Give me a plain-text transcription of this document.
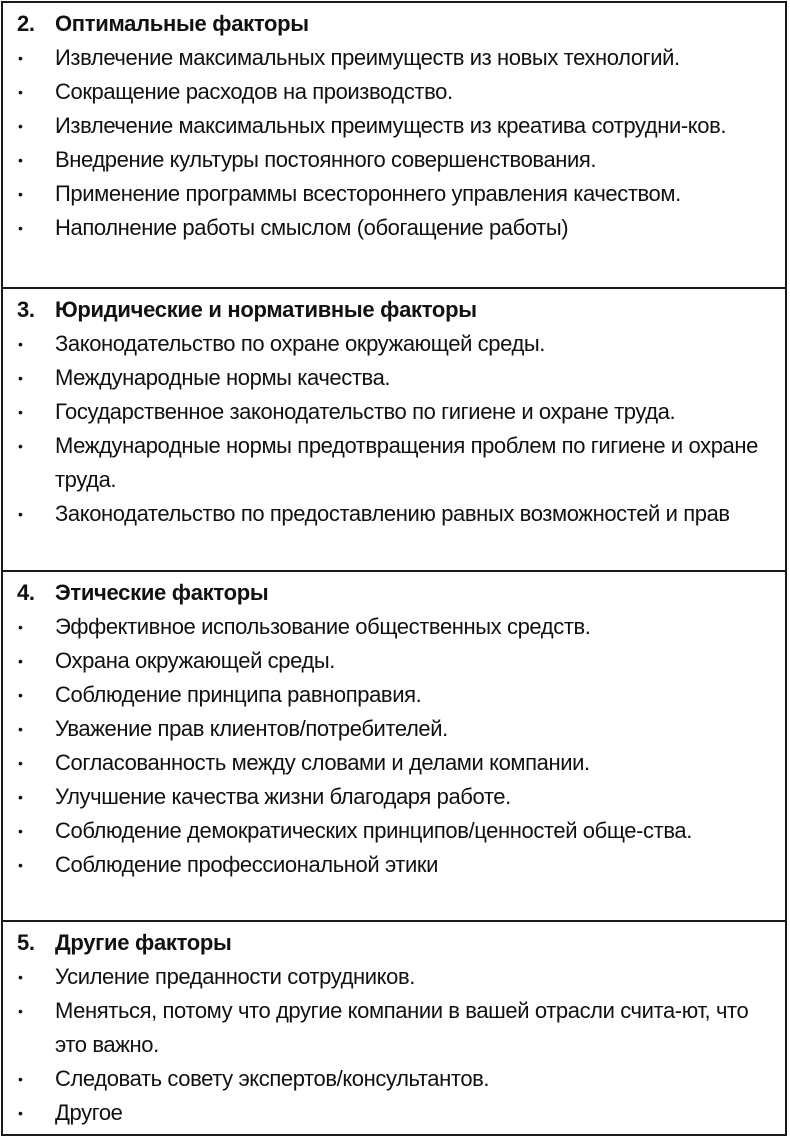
2. Оптимальные факторы
•	Извлечение максимальных преимуществ из новых технологий.
•	Сокращение расходов на производство.
•	Извлечение максимальных преимуществ из креатива сотрудни-ков.
•	Внедрение культуры постоянного совершенствования.
•	Применение программы всестороннего управления качеством.
•	Наполнение работы смыслом (обогащение работы)
3. Юридические и нормативные факторы
•	Законодательство по охране окружающей среды.
•	Международные нормы качества.
•	Государственное законодательство по гигиене и охране труда.
•	Международные нормы предотвращения проблем по гигиене и охране труда.
•	Законодательство по предоставлению равных возможностей и прав
4. Этические факторы
•	Эффективное использование общественных средств.
•	Охрана окружающей среды.
•	Соблюдение принципа равноправия.
•	Уважение прав клиентов/потребителей.
•	Согласованность между словами и делами компании.
•	Улучшение качества жизни благодаря работе.
•	Соблюдение демократических принципов/ценностей обще-ства.
•	Соблюдение профессиональной этики
5. Другие факторы
•	Усиление преданности сотрудников.
•	Меняться, потому что другие компании в вашей отрасли счита-ют, что это важно.
•	Следовать совету экспертов/консультантов.
•	Другое
